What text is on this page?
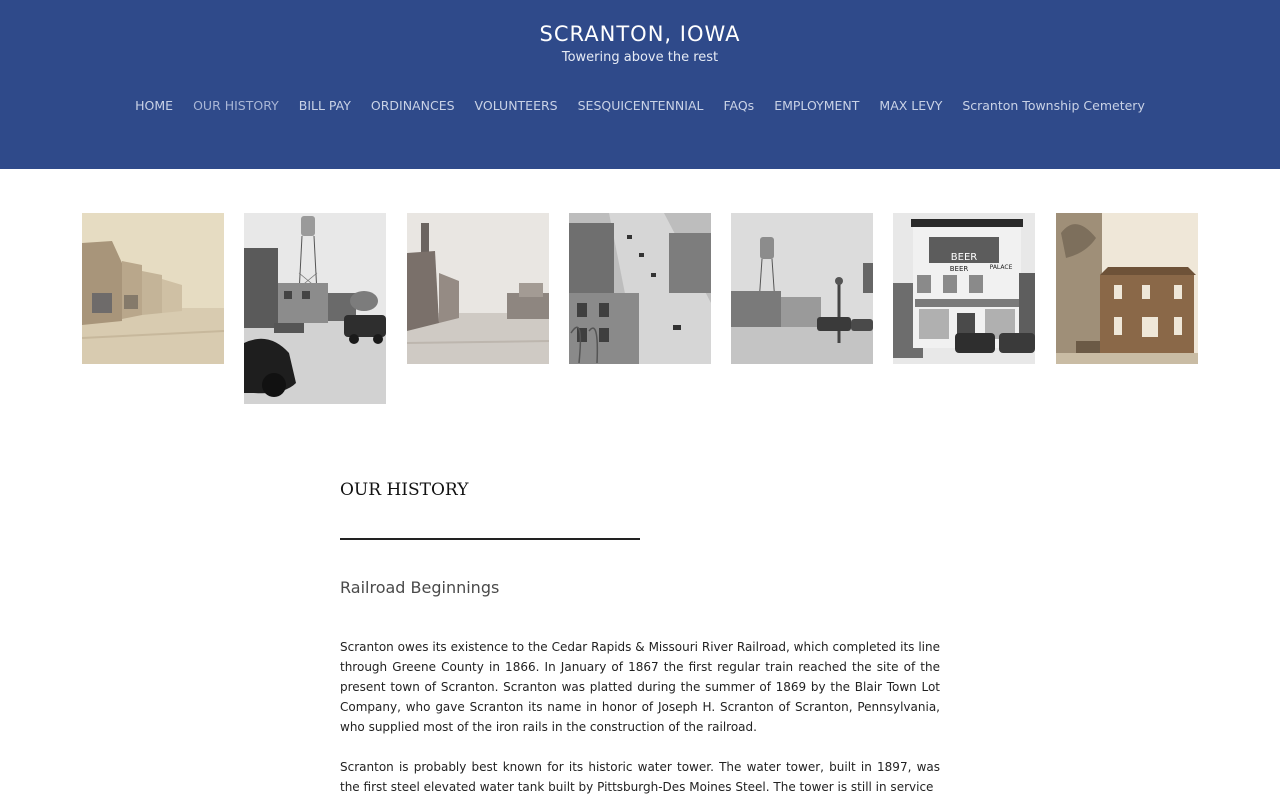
SCRANTON, IOWA
Towering above the rest
HOME OUR HISTORY BILL PAY ORDINANCES VOLUNTEERS SESQUICENTENNIAL FAQs EMPLOYMENT MAX LEVY Scranton Township Cemetery
BEER
BEER	PALACE
OUR HISTORY
Railroad Beginnings

Scranton owes its existence to the Cedar Rapids & Missouri River Railroad, which completed its line through Greene County in 1866. In January of 1867 the first regular train reached the site of the present town of Scranton. Scranton was platted during the summer of 1869 by the Blair Town Lot Company, who gave Scranton its name in honor of Joseph H. Scranton of Scranton, Pennsylvania, who supplied most of the iron rails in the construction of the railroad.

Scranton is probably best known for its historic water tower. The water tower, built in 1897, was the first steel elevated water tank built by Pittsburgh-Des Moines Steel. The tower is still in service
